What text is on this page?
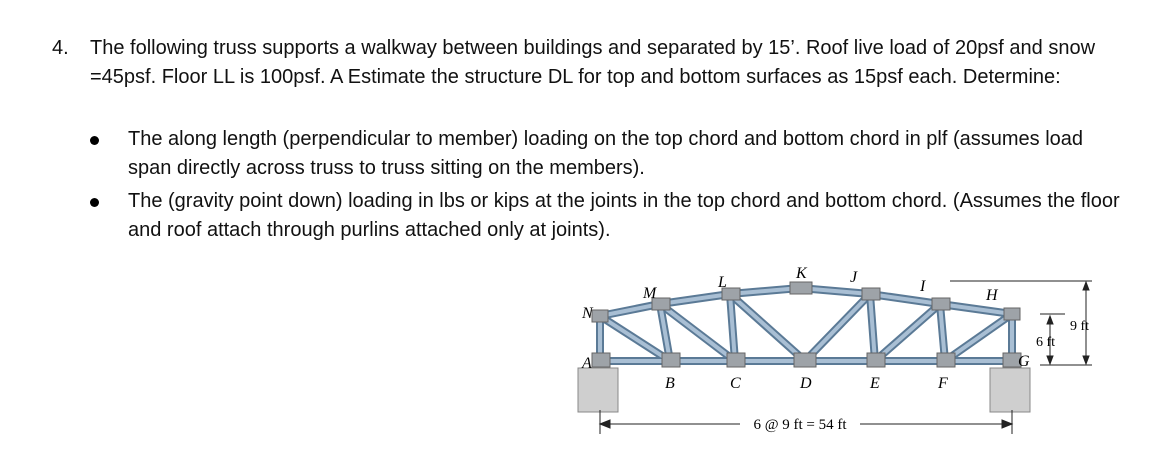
4. The following truss supports a walkway between buildings and separated by 15’. Roof live load of 20psf and snow =45psf. Floor LL is 100psf. A Estimate the structure DL for top and bottom surfaces as 15psf each. Determine:
The along length (perpendicular to member) loading on the top chord and bottom chord in plf (assumes load span directly across truss to truss sitting on the members).
The (gravity point down) loading in lbs or kips at the joints in the top chord and bottom chord. (Assumes the floor and roof attach through purlins attached only at joints).
N
M
L
K	J
I
H
A
B	C	D	E	F
G
6 @ 9 ft = 54 ft
6 ft
9 ft
